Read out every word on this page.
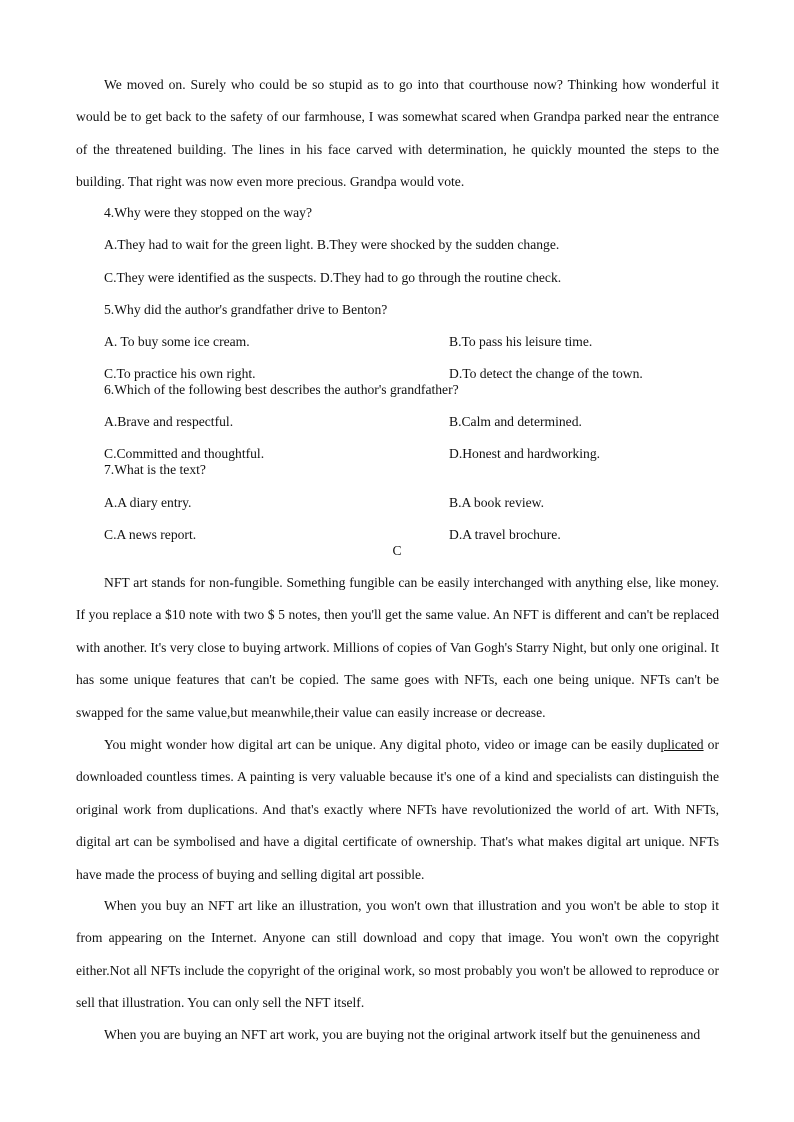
We moved on. Surely who could be so stupid as to go into that courthouse now? Thinking how wonderful it would be to get back to the safety of our farmhouse, I was somewhat scared when Grandpa parked near the entrance of the threatened building. The lines in his face carved with determination, he quickly mounted the steps to the building. That right was now even more precious. Grandpa would vote.

4.Why were they stopped on the way?
A.They had to wait for the green light. B.They were shocked by the sudden change.
C.They were identified as the suspects. D.They had to go through the routine check.
5.Why did the author's grandfather drive to Benton?
A. To buy some ice cream.	B.To pass his leisure time.
C.To practice his own right.	D.To detect the change of the town.
6.Which of the following best describes the author's grandfather?
A.Brave and respectful.	B.Calm and determined.
C.Committed and thoughtful.	D.Honest and hardworking.
7.What is the text?
A.A diary entry.	B.A book review.
C.A news report.	D.A travel brochure.
C

NFT art stands for non-fungible. Something fungible can be easily interchanged with anything else, like money. If you replace a $10 note with two $ 5 notes, then you'll get the same value. An NFT is different and can't be replaced with another. It's very close to buying artwork. Millions of copies of Van Gogh's Starry Night, but only one original. It has some unique features that can't be copied. The same goes with NFTs, each one being unique. NFTs can't be swapped for the same value,but meanwhile,their value can easily increase or decrease.

You might wonder how digital art can be unique. Any digital photo, video or image can be easily duplicated or downloaded countless times. A painting is very valuable because it's one of a kind and specialists can distinguish the original work from duplications. And that's exactly where NFTs have revolutionized the world of art. With NFTs, digital art can be symbolised and have a digital certificate of ownership. That's what makes digital art unique. NFTs have made the process of buying and selling digital art possible.

When you buy an NFT art like an illustration, you won't own that illustration and you won't be able to stop it from appearing on the Internet. Anyone can still download and copy that image. You won't own the copyright either.Not all NFTs include the copyright of the original work, so most probably you won't be allowed to reproduce or sell that illustration. You can only sell the NFT itself.

When you are buying an NFT art work, you are buying not the original artwork itself but the genuineness and
